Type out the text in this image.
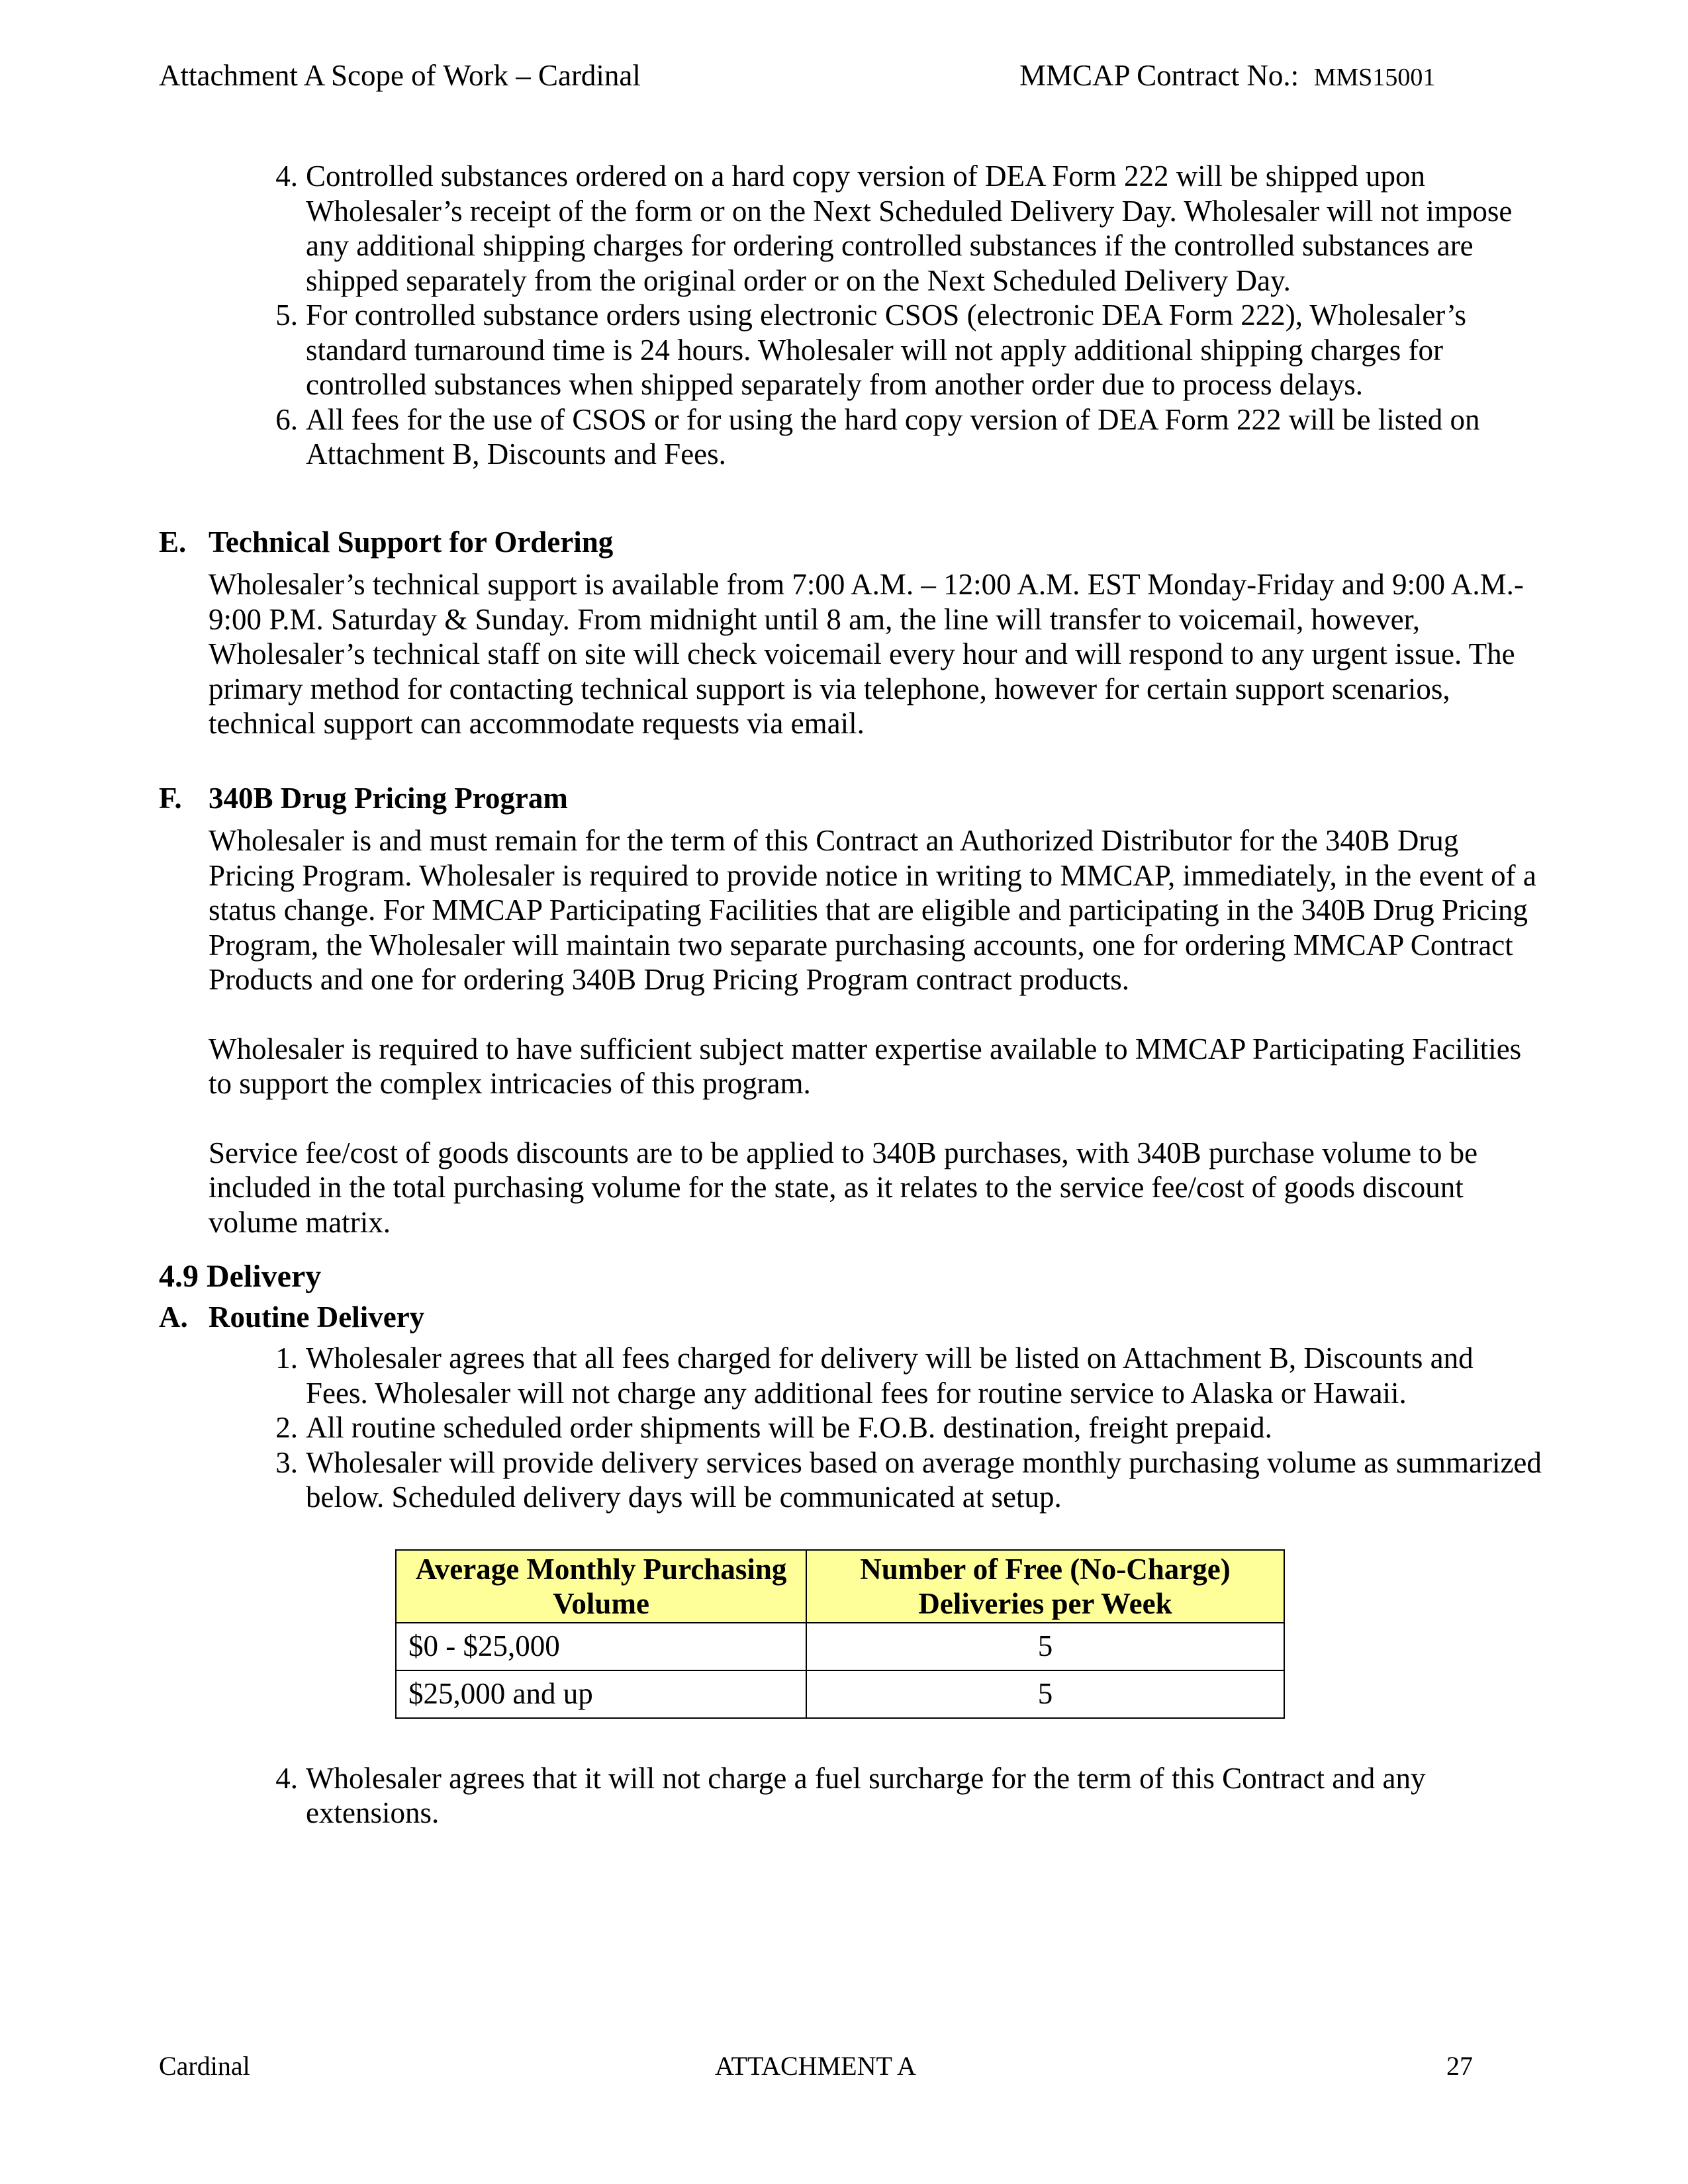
Attachment A Scope of Work – Cardinal	MMCAP Contract No.: MMS15001
4. Controlled substances ordered on a hard copy version of DEA Form 222 will be shipped upon Wholesaler’s receipt of the form or on the Next Scheduled Delivery Day. Wholesaler will not impose any additional shipping charges for ordering controlled substances if the controlled substances are shipped separately from the original order or on the Next Scheduled Delivery Day.
5. For controlled substance orders using electronic CSOS (electronic DEA Form 222), Wholesaler’s standard turnaround time is 24 hours. Wholesaler will not apply additional shipping charges for controlled substances when shipped separately from another order due to process delays.
6. All fees for the use of CSOS or for using the hard copy version of DEA Form 222 will be listed on Attachment B, Discounts and Fees.
E. Technical Support for Ordering
Wholesaler’s technical support is available from 7:00 A.M. – 12:00 A.M. EST Monday-Friday and 9:00 A.M.- 9:00 P.M. Saturday & Sunday. From midnight until 8 am, the line will transfer to voicemail, however, Wholesaler’s technical staff on site will check voicemail every hour and will respond to any urgent issue. The primary method for contacting technical support is via telephone, however for certain support scenarios, technical support can accommodate requests via email.
F. 340B Drug Pricing Program
Wholesaler is and must remain for the term of this Contract an Authorized Distributor for the 340B Drug Pricing Program. Wholesaler is required to provide notice in writing to MMCAP, immediately, in the event of a status change. For MMCAP Participating Facilities that are eligible and participating in the 340B Drug Pricing Program, the Wholesaler will maintain two separate purchasing accounts, one for ordering MMCAP Contract Products and one for ordering 340B Drug Pricing Program contract products.
Wholesaler is required to have sufficient subject matter expertise available to MMCAP Participating Facilities to support the complex intricacies of this program.
Service fee/cost of goods discounts are to be applied to 340B purchases, with 340B purchase volume to be included in the total purchasing volume for the state, as it relates to the service fee/cost of goods discount volume matrix.
4.9 Delivery
A. Routine Delivery
1. Wholesaler agrees that all fees charged for delivery will be listed on Attachment B, Discounts and Fees. Wholesaler will not charge any additional fees for routine service to Alaska or Hawaii.
2. All routine scheduled order shipments will be F.O.B. destination, freight prepaid.
3. Wholesaler will provide delivery services based on average monthly purchasing volume as summarized below. Scheduled delivery days will be communicated at setup.
Average Monthly Purchasing Volume	Number of Free (No-Charge) Deliveries per Week
$0 - $25,000	5
$25,000 and up	5
4. Wholesaler agrees that it will not charge a fuel surcharge for the term of this Contract and any extensions.
Cardinal	ATTACHMENT A	27
